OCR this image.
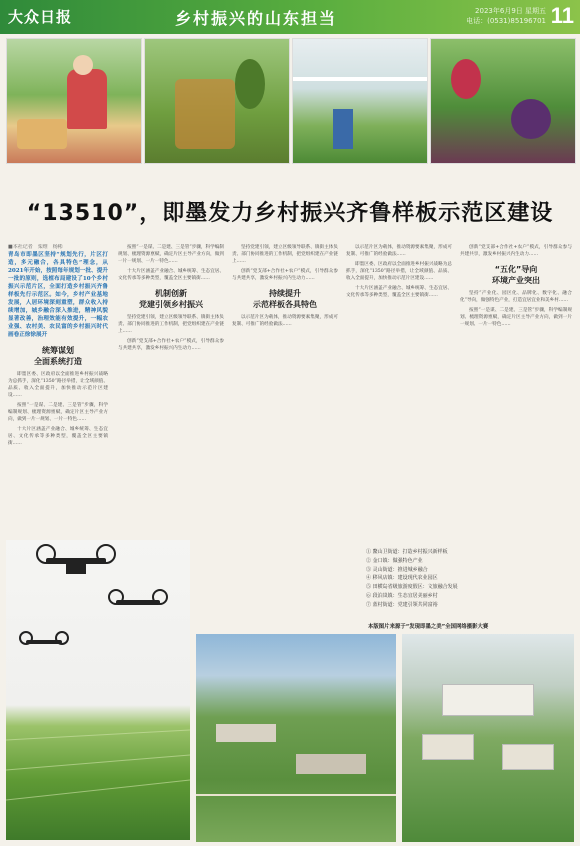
大众日报	乡村振兴的山东担当	2023年6月9日 星期五
电话：(0531)85196701 11
“13510”，即墨发力乡村振兴齐鲁样板示范区建设
■本社记者　栾维　杨彬
青岛市即墨区坚持“规划先行，片区打造，多元融合，各具特色”理念，从2021年开始，按照每年规划一批、提升一批的原则，选植布局建设了10个乡村振兴示范片区，全面打造乡村振兴齐鲁样板先行示范区。如今，乡村产业基地发展，人居环境深刻重塑，群众收入持续增加，城乡融合深入推进，精神风貌显著改善，治理效能有效提升，一幅农业强、农村美、农民富的乡村振兴时代画卷正徐徐展开
统筹谋划
全面系统打造

即墨区委、区政府以全面推进乡村振兴战略为总抓手，深化“1350”路径举措，让全域颜值、品质、收入全面提升，加快推动示范片区建设……

按照“一是谋、二是建、三是管”步骤，科学编制规划、梳理资源禀赋，确定片区主导产业方向，做到一片一规划、一片一特色……

十大片区涵盖产业融合、城乡统筹、生态宜居、文化传承等多种类型，覆盖全区主要镇街……

按照“一是谋、二是建、三是管”步骤，科学编制规划、梳理资源禀赋，确定片区主导产业方向，做到一片一规划、一片一特色……

十大片区涵盖产业融合、城乡统筹、生态宜居、文化传承等多种类型，覆盖全区主要镇街……

机制创新
党建引领乡村振兴

坚持党建引领，建立区级领导联系、镇街主体负责、部门协同推进的工作机制，把党组织建在产业链上……

创新“党支部+合作社+农户”模式，引导群众参与共建共享，激发乡村振兴内生动力……

坚持党建引领，建立区级领导联系、镇街主体负责、部门协同推进的工作机制，把党组织建在产业链上……

创新“党支部+合作社+农户”模式，引导群众参与共建共享，激发乡村振兴内生动力……

持续提升
示范样板各具特色

以示范片区为载体，推动资源要素集聚，形成可复制、可推广的经验做法……

以示范片区为载体，推动资源要素集聚，形成可复制、可推广的经验做法……

即墨区委、区政府以全面推进乡村振兴战略为总抓手，深化“1350”路径举措，让全域颜值、品质、收入全面提升，加快推动示范片区建设……

十大片区涵盖产业融合、城乡统筹、生态宜居、文化传承等多种类型，覆盖全区主要镇街……

创新“党支部+合作社+农户”模式，引导群众参与共建共享，激发乡村振兴内生动力……

“五化”导向
环境产业突出

坚持“产业化、园区化、品牌化、数字化、融合化”导向，做强特色产业，打造宜居宜业和美乡村……

按照“一是谋、二是建、三是管”步骤，科学编制规划、梳理资源禀赋，确定片区主导产业方向，做到一片一规划、一片一特色……

① 鳌山卫街道：打造乡村振兴新样板
② 金口镇：做强特色产业
③ 灵山街道：推进城乡融合
④ 移风店镇：建设现代农业园区
⑤ 田横岛省级旅游度假区：文旅融合发展
⑥ 段泊岚镇：生态宜居美丽乡村
⑦ 蓝村街道：党建引领共同富裕
本版图片来源于“发现即墨之美”全国网络摄影大赛
